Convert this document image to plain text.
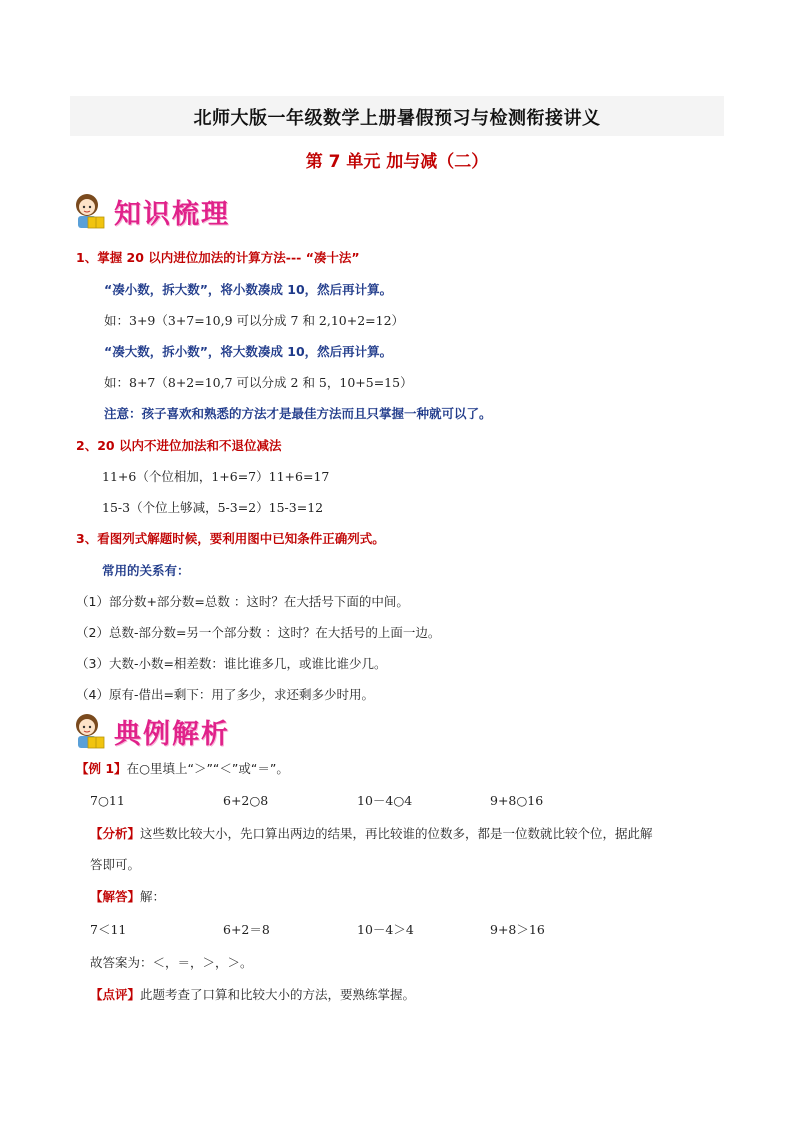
北师大版一年级数学上册暑假预习与检测衔接讲义
第 7 单元 加与减（二）
知识梳理
1、掌握 20 以内进位加法的计算方法--- “凑十法”
“凑小数，拆大数”，将小数凑成 10，然后再计算。
如：3+9（3+7=10,9 可以分成 7 和 2,10+2=12）
“凑大数，拆小数”，将大数凑成 10，然后再计算。
如：8+7（8+2=10,7 可以分成 2 和 5，10+5=15）
注意：孩子喜欢和熟悉的方法才是最佳方法而且只掌握一种就可以了。
2、20 以内不进位加法和不退位减法
11+6（个位相加，1+6=7）11+6=17
15-3（个位上够减，5-3=2）15-3=12
3、看图列式解题时候，要利用图中已知条件正确列式。
常用的关系有：
（1）部分数+部分数=总数 ：这时？在大括号下面的中间。
（2）总数-部分数=另一个部分数 ：这时？在大括号的上面一边。
（3）大数-小数=相差数：谁比谁多几，或谁比谁少几。
（4）原有-借出=剩下：用了多少，求还剩多少时用。
典例解析
【例 1】在○里填上“＞”“＜”或“＝”。
7○11	6+2○8	10－4○4	9+8○16
【分析】这些数比较大小，先口算出两边的结果，再比较谁的位数多，都是一位数就比较个位，据此解
答即可。
【解答】解：
7＜11	6+2＝8	10－4＞4	9+8＞16
故答案为：＜，＝，＞，＞。
【点评】此题考查了口算和比较大小的方法，要熟练掌握。
